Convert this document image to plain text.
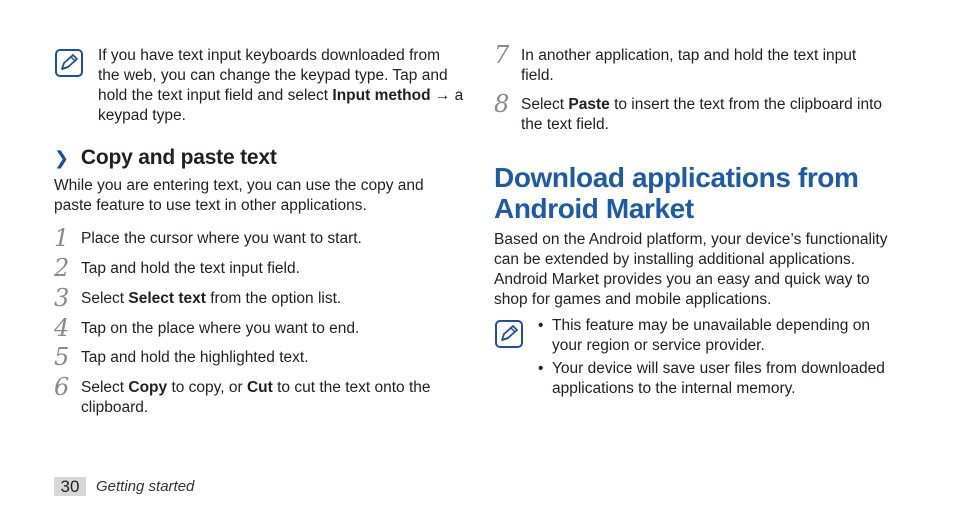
If you have text input keyboards downloaded from the web, you can change the keypad type. Tap and hold the text input field and select Input method → a keypad type.
❯ Copy and paste text
While you are entering text, you can use the copy and paste feature to use text in other applications.
1 Place the cursor where you want to start.
2 Tap and hold the text input field.
3 Select Select text from the option list.
4 Tap on the place where you want to end.
5 Tap and hold the highlighted text.
6 Select Copy to copy, or Cut to cut the text onto the clipboard.
7 In another application, tap and hold the text input field.
8 Select Paste to insert the text from the clipboard into the text field.
Download applications from
Android Market
Based on the Android platform, your device’s functionality can be extended by installing additional applications. Android Market provides you an easy and quick way to shop for games and mobile applications.
• This feature may be unavailable depending on your region or service provider.
• Your device will save user files from downloaded applications to the internal memory.
30	Getting started
